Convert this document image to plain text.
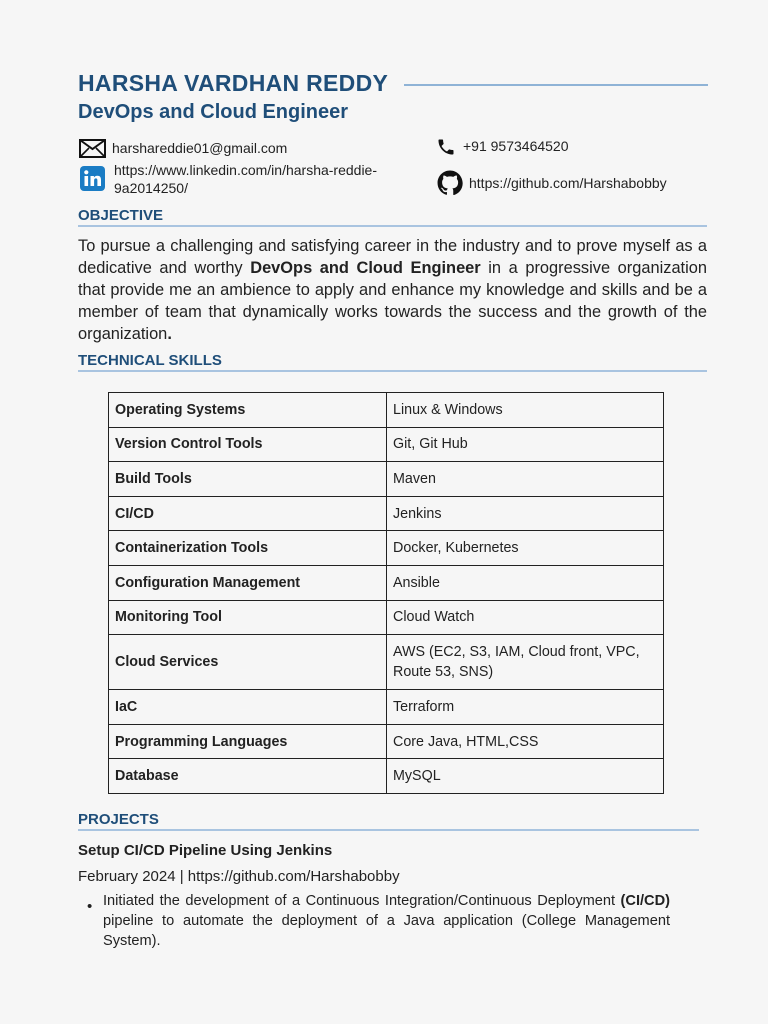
HARSHA VARDHAN REDDY
DevOps and Cloud Engineer
harshareddie01@gmail.com	+91 9573464520
https://www.linkedin.com/in/harsha-reddie-
9a2014250/	https://github.com/Harshabobby
OBJECTIVE
To pursue a challenging and satisfying career in the industry and to prove myself as a dedicative and worthy DevOps and Cloud Engineer in a progressive organization that provide me an ambience to apply and enhance my knowledge and skills and be a member of team that dynamically works towards the success and the growth of the organization.
TECHNICAL SKILLS
Operating Systems	Linux & Windows
Version Control Tools	Git, Git Hub
Build Tools	Maven
CI/CD	Jenkins
Containerization Tools	Docker, Kubernetes
Configuration Management	Ansible
Monitoring Tool	Cloud Watch
Cloud Services	AWS (EC2, S3, IAM, Cloud front, VPC, Route 53, SNS)
IaC	Terraform
Programming Languages	Core Java, HTML,CSS
Database	MySQL
PROJECTS
Setup CI/CD Pipeline Using Jenkins
February 2024 | https://github.com/Harshabobby
• Initiated the development of a Continuous Integration/Continuous Deployment (CI/CD) pipeline to automate the deployment of a Java application (College Management System).
